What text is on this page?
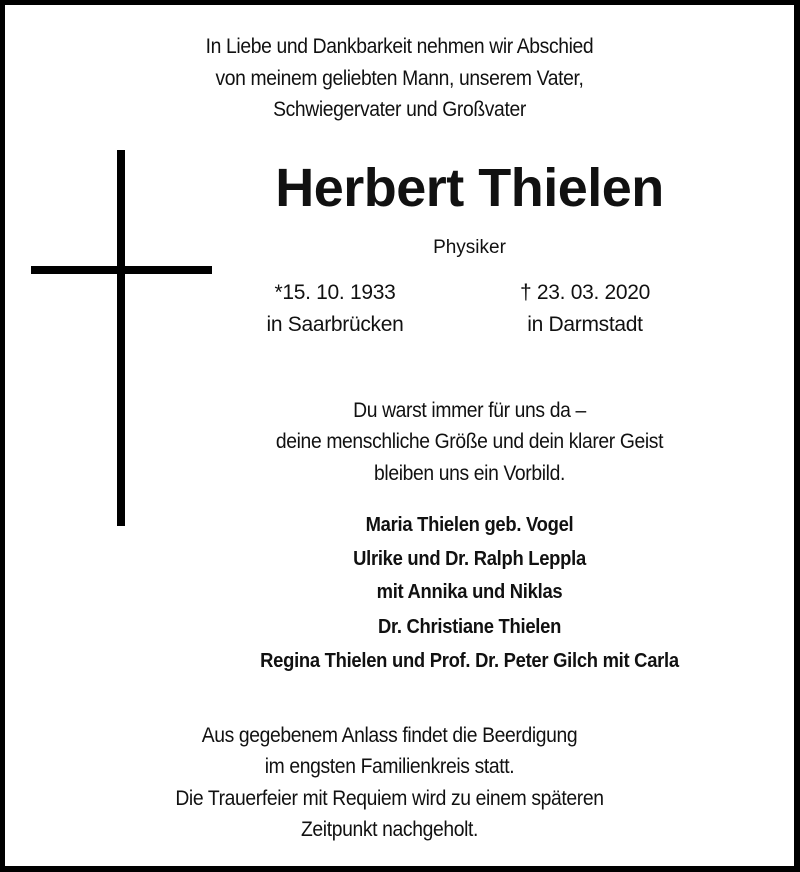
In Liebe und Dankbarkeit nehmen wir Abschied
von meinem geliebten Mann, unserem Vater,
Schwiegervater und Großvater
Herbert Thielen
Physiker
*15. 10. 1933
in Saarbrücken
† 23. 03. 2020
in Darmstadt
Du warst immer für uns da –
deine menschliche Größe und dein klarer Geist
bleiben uns ein Vorbild.
Maria Thielen geb. Vogel
Ulrike und Dr. Ralph Leppla
mit Annika und Niklas
Dr. Christiane Thielen
Regina Thielen und Prof. Dr. Peter Gilch mit Carla
Aus gegebenem Anlass findet die Beerdigung
im engsten Familienkreis statt.
Die Trauerfeier mit Requiem wird zu einem späteren
Zeitpunkt nachgeholt.
